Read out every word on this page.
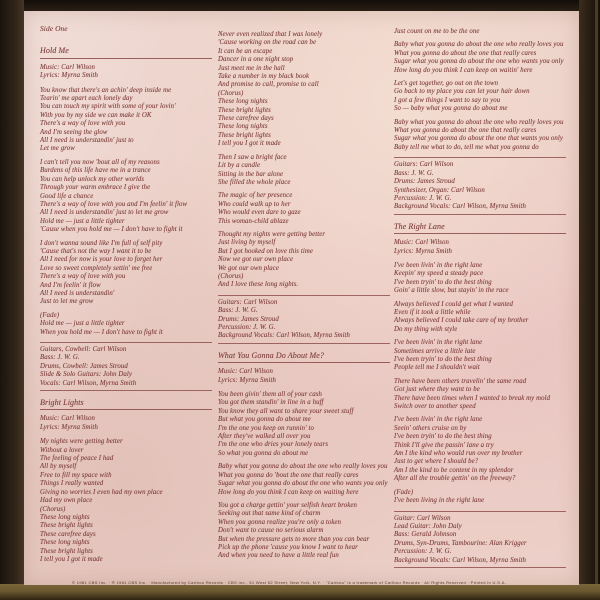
Side One
Hold Me
Music: Carl Wilson
Lyrics: Myrna Smith
You know that there's an achin' deep inside me
Tearin' me apart each lonely day
You can touch my spirit with some of your lovin'
With you by my side we can make it OK
There's a way of love with you
And I'm seeing the glow
All I need is understandin' just to
Let me grow
I can't tell you now 'bout all of my reasons
Burdens of this life have me in a trance
You can help unlock my other worlds
Through your warm embrace I give the
Good life a chance
There's a way of love with you and I'm feelin' it flow
All I need is understandin' just to let me grow
Hold me — just a little tighter
'Cause when you hold me — I don't have to fight it
I don't wanna sound like I'm full of self pity
'Cause that's not the way I want it to be
All I need for now is your love to forget her
Love so sweet completely settin' me free
There's a way of love with you
And I'm feelin' it flow
All I need is understandin'
Just to let me grow
(Fade)
Hold me — just a little tighter
When you hold me — I don't have to fight it
Guitars, Cowbell: Carl Wilson
Bass: J. W. G.
Drums, Cowbell: James Stroud
Slide & Solo Guitars: John Daly
Vocals: Carl Wilson, Myrna Smith
Bright Lights
Music: Carl Wilson
Lyrics: Myrna Smith
My nights were getting better
Without a lover
The feeling of peace I had
All by myself
Free to fill my space with
Things I really wanted
Giving no worries I even had my own place
Had my own place
(Chorus)
These long nights
These bright lights
These carefree days
These long nights
These bright lights
I tell you I got it made
Never even realized that I was lonely
'Cause working on the road can be
It can be an escape
Dancer in a one night stop
Just meet me in the hall
Take a number in my black book
And promise to call, promise to call
(Chorus)
These long nights
These bright lights
These carefree days
These long nights
These bright lights
I tell you I got it made
Then I saw a bright face
Lit by a candle
Sitting in the bar alone
She filled the whole place
The magic of her presence
Who could walk up to her
Who would even dare to gaze
This woman-child ablaze
Thought my nights were getting better
Just living by myself
But I got hooked on love this time
Now we got our own place
We got our own place
(Chorus)
And I love these long nights.
Guitars: Carl Wilson
Bass: J. W. G.
Drums: James Stroud
Percussion: J. W. G.
Background Vocals: Carl Wilson, Myrna Smith
What You Gonna Do About Me?
Music: Carl Wilson
Lyrics: Myrna Smith
You been givin' them all of your cash
You got them standin' in line in a huff
You know they all want to share your sweet stuff
But what you gonna do about me
I'm the one you keep on runnin' to
After they've walked all over you
I'm the one who dries your lonely tears
So what you gonna do about me
Baby what you gonna do about the one who really loves you
What you gonna do 'bout the one that really cares
Sugar what you gonna do about the one who wants you only
How long do you think I can keep on waiting here
You got a charge gettin' your selfish heart broken
Seeking out that same kind of charm
When you gonna realize you're only a token
Don't want to cause no serious alarm
But when the pressure gets to more than you can bear
Pick up the phone 'cause you know I want to hear
And when you need to have a little real fun
Just count on me to be the one
Baby what you gonna do about the one who really loves you
What you gonna do about the one that really cares
Sugar what you gonna do about the one who wants you only
How long do you think I can keep on waitin' here
Let's get together, go out on the town
Go back to my place you can let your hair down
I got a few things I want to say to you
So — baby what you gonna do about me
Baby what you gonna do about the one who really loves you
What you gonna do about the one that really cares
Sugar what you gonna do about the one that wants you only
Baby tell me what to do, tell me what you gonna do
Guitars: Carl Wilson
Bass: J. W. G.
Drums: James Stroud
Synthesizer, Organ: Carl Wilson
Percussion: J. W. G.
Background Vocals: Carl Wilson, Myrna Smith
The Right Lane
Music: Carl Wilson
Lyrics: Myrna Smith
I've been livin' in the right lane
Keepin' my speed a steady pace
I've been tryin' to do the best thing
Goin' a little slow, but stayin' in the race
Always believed I could get what I wanted
Even if it took a little while
Always believed I could take care of my brother
Do my thing with style
I've been livin' in the right lane
Sometimes arrive a little late
I've been tryin' to do the best thing
People tell me I shouldn't wait
There have been others travelin' the same road
Got just where they want to be
There have been times when I wanted to break my mold
Switch over to another speed
I've been livin' in the right lane
Seein' others cruise on by
I've been tryin' to do the best thing
Think I'll give the passin' lane a try
Am I the kind who would run over my brother
Just to get where I should be?
Am I the kind to be content in my splendor
After all the trouble gettin' on the freeway?
(Fade)
I've been living in the right lane
Guitar: Carl Wilson
Lead Guitar: John Daly
Bass: Gerald Johnson
Drums, Syn-Drums, Tambourine: Alan Krigger
Percussion: J. W. G.
Background Vocals: Carl Wilson, Myrna Smith
© 1981 CBS Inc. · ℗ 1981 CBS Inc. · Manufactured by Caribou Records · CBS Inc., 51 West 52 Street, New York, N.Y. · "Caribou" is a trademark of Caribou Records · All Rights Reserved · Printed in U.S.A.
